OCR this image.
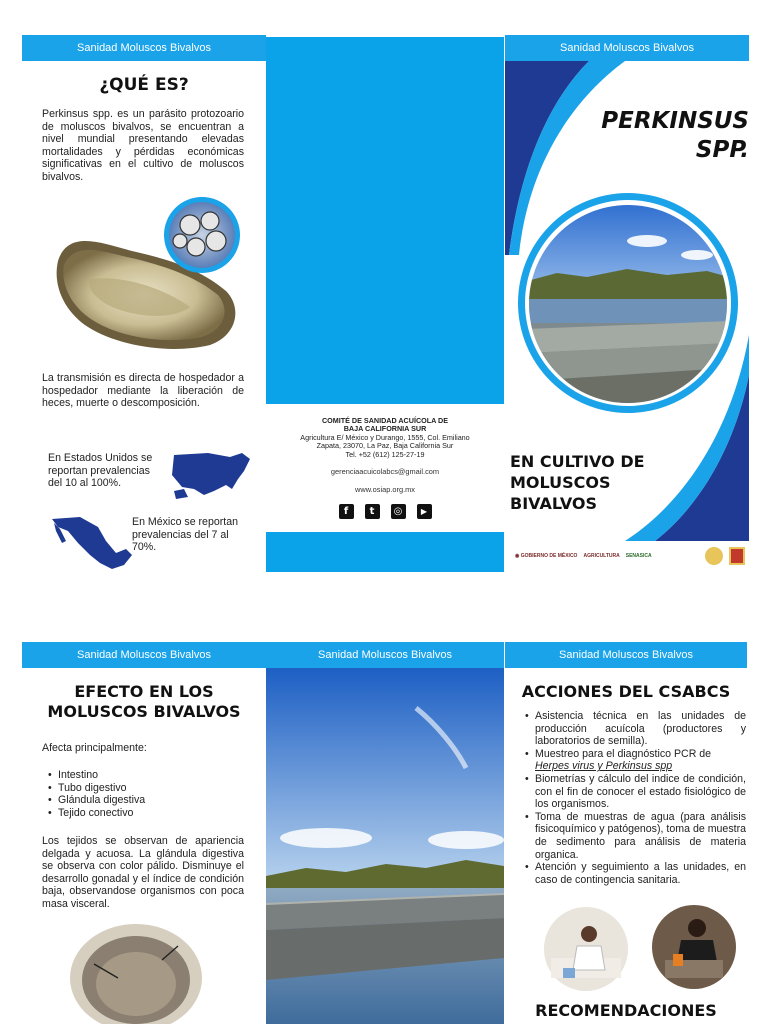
Sanidad Moluscos Bivalvos
¿QUÉ ES?
Perkinsus spp. es un parásito protozoario de moluscos bivalvos, se encuentran a nivel mundial presentando elevadas mortalidades y pérdidas económicas significativas en el cultivo de moluscos bivalvos.
La transmisión es directa de hospedador a hospedador mediante la liberación de heces, muerte o descomposición.
En Estados Unidos se reportan prevalencias del 10 al 100%.
En México se reportan prevalencias del 7 al 70%.
COMITÉ DE SANIDAD ACUÍCOLA DE
BAJA CALIFORNIA SUR
Agricultura E/ México y Durango, 1555, Col. Emiliano
Zapata, 23070, La Paz, Baja California Sur
Tel. +52 (612) 125-27-19
gerenciaacuicolabcs@gmail.com
www.osiap.org.mx
f	t	◎	▶
Sanidad Moluscos Bivalvos
PERKINSUS
SPP.
EN CULTIVO DE
MOLUSCOS
BIVALVOS
◉ GOBIERNO DE MÉXICO AGRICULTURA SENASICA
Sanidad Moluscos Bivalvos
EFECTO EN LOS
MOLUSCOS BIVALVOS
Afecta principalmente:
• Intestino
• Tubo digestivo
• Glándula digestiva
• Tejido conectivo
Los tejidos se observan de apariencia delgada y acuosa. La glándula digestiva se observa con color pálido. Disminuye el desarrollo gonadal y el índice de condición baja, observandose organismos con poca masa visceral.
Sanidad Moluscos Bivalvos	Sanidad Moluscos Bivalvos
ACCIONES DEL CSABCS
• Asistencia técnica en las unidades de producción acuícola (productores y laboratorios de semilla).
• Muestreo para el diagnóstico PCR de
Herpes virus y Perkinsus spp
• Biometrías y cálculo del indice de condición, con el fin de conocer el estado fisiológico de los organismos.
• Toma de muestras de agua (para análisis fisicoquímico y patógenos), toma de muestra de sedimento para análisis de materia organica.
• Atención y seguimiento a las unidades, en caso de contingencia sanitaria.
RECOMENDACIONES
